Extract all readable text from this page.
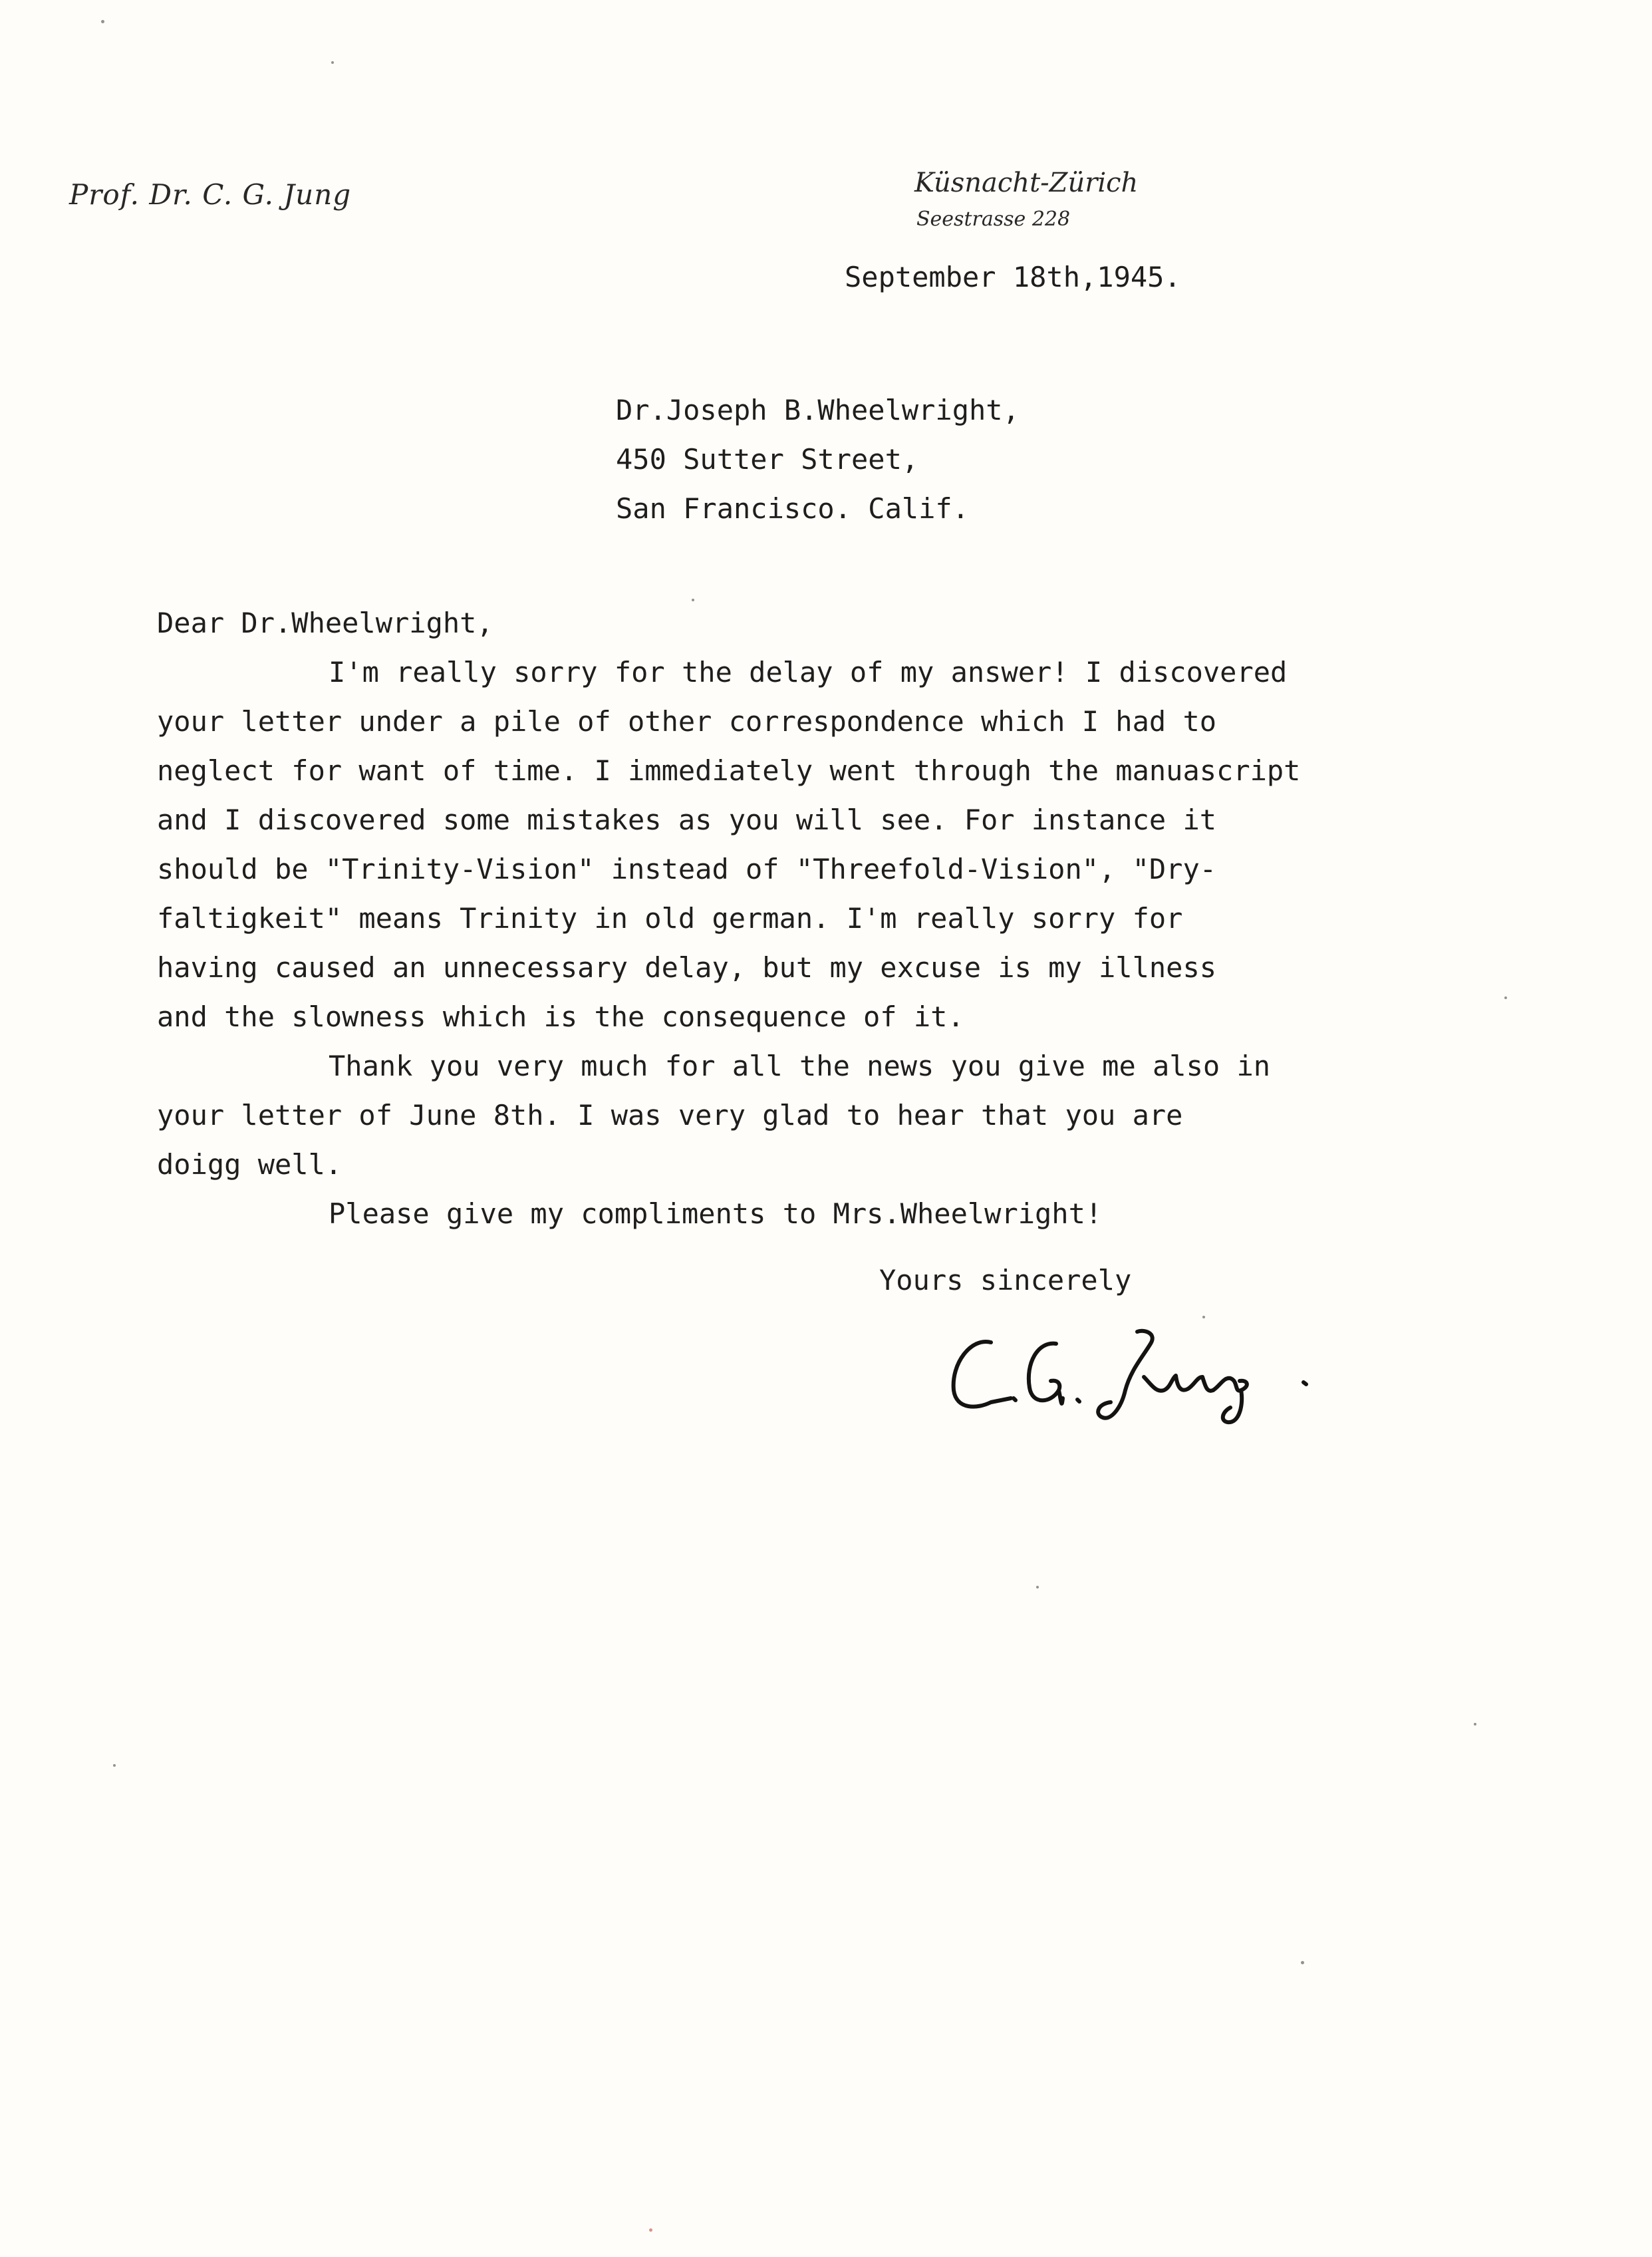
Prof. Dr. C. G. Jung	Küsnacht-Zürich
Seestrasse 228
September 18th,1945.
Dr.Joseph B.Wheelwright,
450 Sutter Street,
San Francisco. Calif.
Dear Dr.Wheelwright,
I'm really sorry for the delay of my answer! I discovered
your letter under a pile of other correspondence which I had to
neglect for want of time. I immediately went through the manuascript
and I discovered some mistakes as you will see. For instance it
should be "Trinity-Vision" instead of "Threefold-Vision", "Dry-
faltigkeit" means Trinity in old german. I'm really sorry for
having caused an unnecessary delay, but my excuse is my illness
and the slowness which is the consequence of it.
Thank you very much for all the news you give me also in
your letter of June 8th. I was very glad to hear that you are
doigg well.
Please give my compliments to Mrs.Wheelwright!
Yours sincerely
